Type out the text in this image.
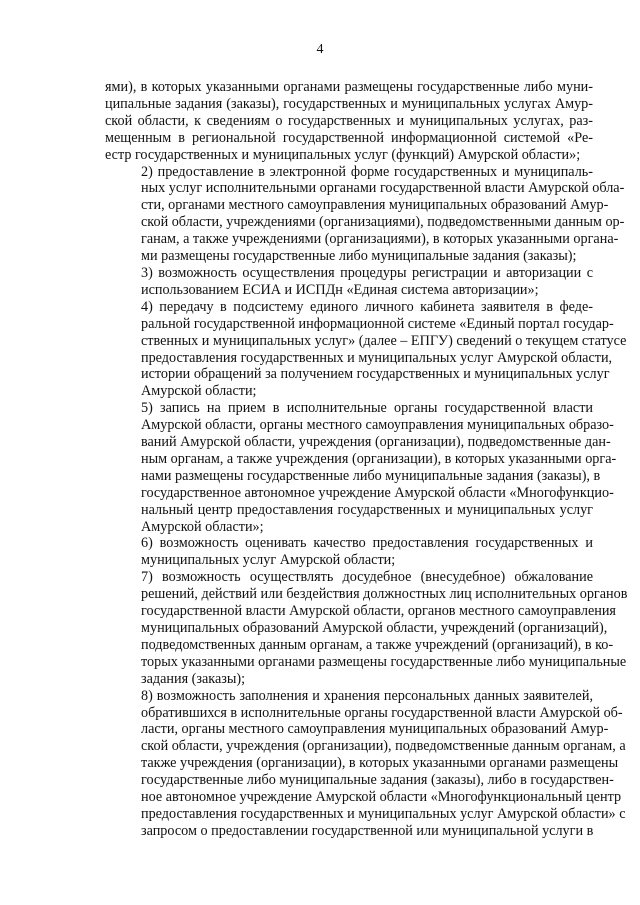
4

ями), в которых указанными органами размещены государственные либо муни-
ципальные задания (заказы), государственных и муниципальных услугах Амур-
ской области, к сведениям о государственных и муниципальных услугах, раз-
мещенным в региональной государственной информационной системой «Ре-
естр государственных и муниципальных услуг (функций) Амурской области»;

2) предоставление в электронной форме государственных и муниципаль-
ных услуг исполнительными органами государственной власти Амурской обла-
сти, органами местного самоуправления муниципальных образований Амур-
ской области, учреждениями (организациями), подведомственными данным ор-
ганам, а также учреждениями (организациями), в которых указанными органа-
ми размещены государственные либо муниципальные задания (заказы);

3) возможность осуществления процедуры регистрации и авторизации с
использованием ЕСИА и ИСПДн «Единая система авторизации»;

4) передачу в подсистему единого личного кабинета заявителя в феде-
ральной государственной информационной системе «Единый портал государ-
ственных и муниципальных услуг» (далее – ЕПГУ) сведений о текущем статусе
предоставления государственных и муниципальных услуг Амурской области,
истории обращений за получением государственных и муниципальных услуг
Амурской области;

5) запись на прием в исполнительные органы государственной власти
Амурской области, органы местного самоуправления муниципальных образо-
ваний Амурской области, учреждения (организации), подведомственные дан-
ным органам, а также учреждения (организации), в которых указанными орга-
нами размещены государственные либо муниципальные задания (заказы), в
государственное автономное учреждение Амурской области «Многофункцио-
нальный центр предоставления государственных и муниципальных услуг
Амурской области»;

6) возможность оценивать качество предоставления государственных и
муниципальных услуг Амурской области;

7) возможность осуществлять досудебное (внесудебное) обжалование
решений, действий или бездействия должностных лиц исполнительных органов
государственной власти Амурской области, органов местного самоуправления
муниципальных образований Амурской области, учреждений (организаций),
подведомственных данным органам, а также учреждений (организаций), в ко-
торых указанными органами размещены государственные либо муниципальные
задания (заказы);

8) возможность заполнения и хранения персональных данных заявителей,
обратившихся в исполнительные органы государственной власти Амурской об-
ласти, органы местного самоуправления муниципальных образований Амур-
ской области, учреждения (организации), подведомственные данным органам, а
также учреждения (организации), в которых указанными органами размещены
государственные либо муниципальные задания (заказы), либо в государствен-
ное автономное учреждение Амурской области «Многофункциональный центр
предоставления государственных и муниципальных услуг Амурской области» с
запросом о предоставлении государственной или муниципальной услуги в
